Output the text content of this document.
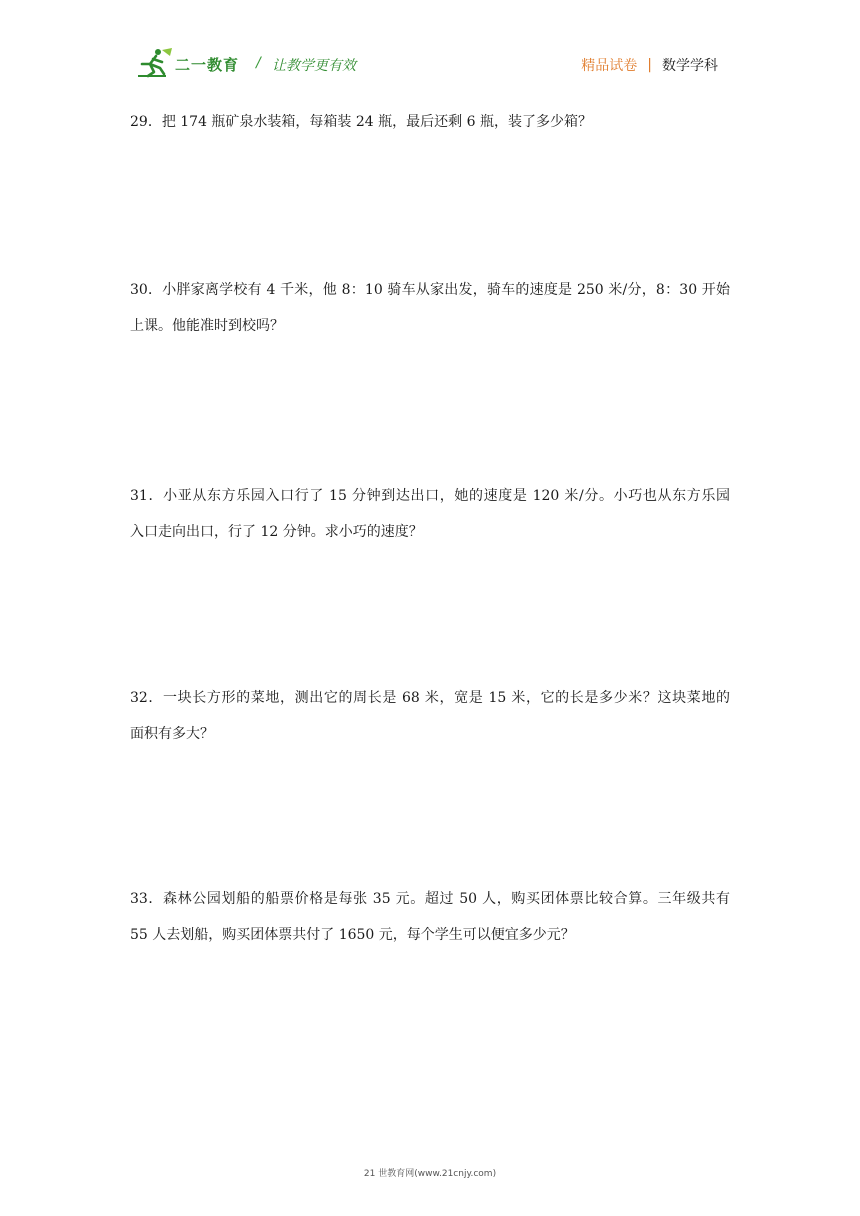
二一教育 / 让教学更有效	精品试卷 | 数学学科
29．把 174 瓶矿泉水装箱，每箱装 24 瓶，最后还剩 6 瓶，装了多少箱？
30．小胖家离学校有 4 千米，他 8：10 骑车从家出发，骑车的速度是 250 米/分，8：30 开始
上课。他能准时到校吗？
31．小亚从东方乐园入口行了 15 分钟到达出口，她的速度是 120 米/分。小巧也从东方乐园
入口走向出口，行了 12 分钟。求小巧的速度？
32．一块长方形的菜地，测出它的周长是 68 米，宽是 15 米，它的长是多少米？这块菜地的
面积有多大？
33．森林公园划船的船票价格是每张 35 元。超过 50 人，购买团体票比较合算。三年级共有
55 人去划船，购买团体票共付了 1650 元，每个学生可以便宜多少元？
21 世教育网(www.21cnjy.com)
